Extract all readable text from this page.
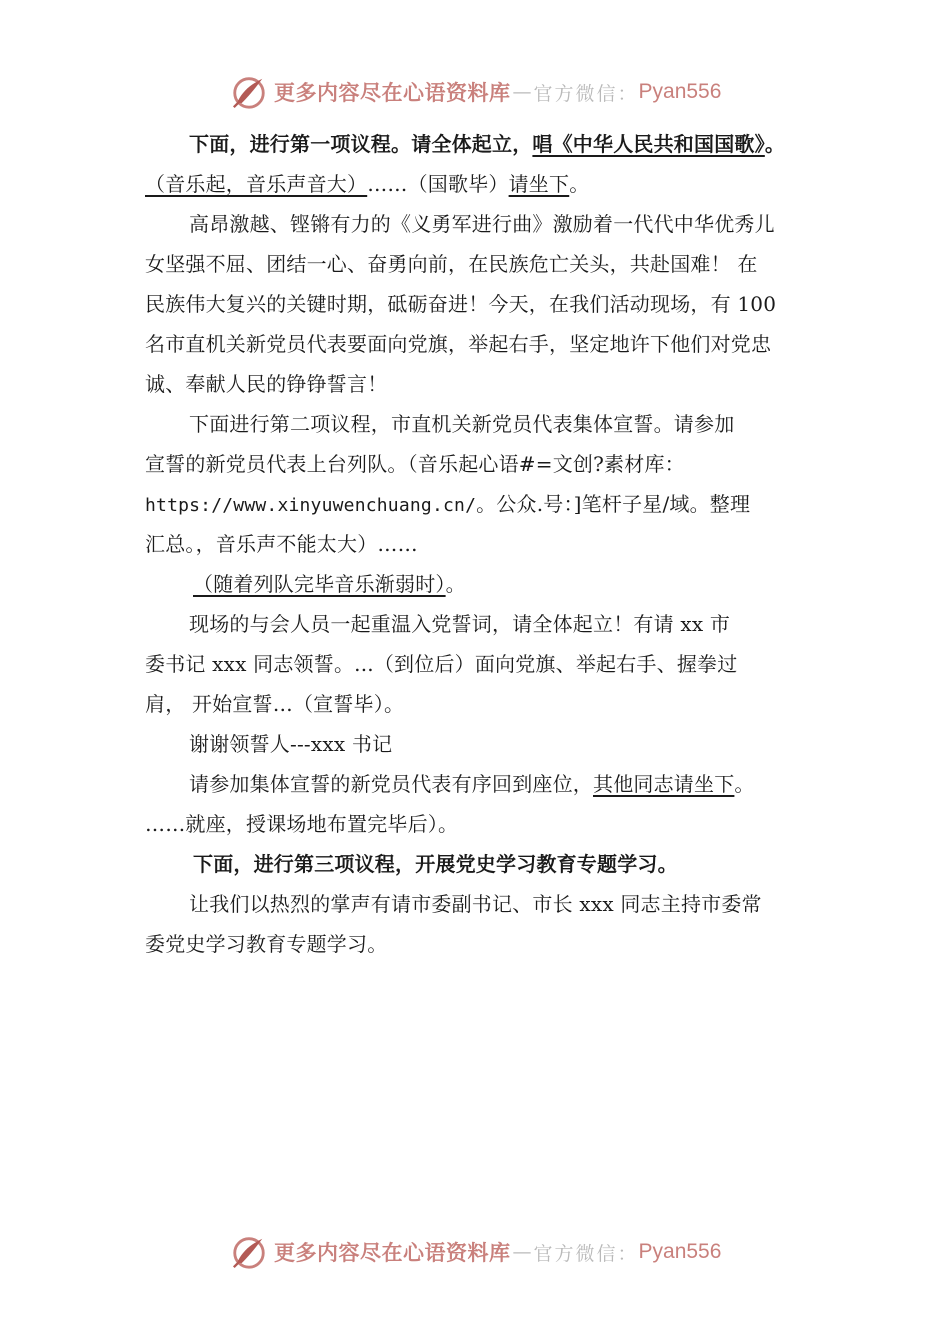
更多内容尽在心语资料库 — 官方微信： Pyan556
下面，进行第一项议程。请全体起立，唱《中华人民共和国国歌》。
（音乐起，音乐声音大）……（国歌毕）请坐下。
高昂激越、铿锵有力的《义勇军进行曲》激励着一代代中华优秀儿
女坚强不屈、团结一心、奋勇向前，在民族危亡关头，共赴国难！ 在
民族伟大复兴的关键时期，砥砺奋进！今天，在我们活动现场，有 100
名市直机关新党员代表要面向党旗，举起右手，坚定地许下他们对党忠
诚、奉献人民的铮铮誓言！
下面进行第二项议程，市直机关新党员代表集体宣誓。请参加
宣誓的新党员代表上台列队。（音乐起心语#=文创?素材库：
https://www.xinyuwenchuang.cn/。公众.号：]笔杆子星/域。整理
汇总。，音乐声不能太大）……
（随着列队完毕音乐渐弱时）。
现场的与会人员一起重温入党誓词，请全体起立！有请 xx 市
委书记 xxx 同志领誓。...（到位后）面向党旗、举起右手、握拳过
肩， 开始宣誓…（宣誓毕）。
谢谢领誓人---xxx 书记
请参加集体宣誓的新党员代表有序回到座位，其他同志请坐下。
……就座，授课场地布置完毕后）。
下面，进行第三项议程，开展党史学习教育专题学习。
让我们以热烈的掌声有请市委副书记、市长 xxx 同志主持市委常
委党史学习教育专题学习。
更多内容尽在心语资料库 — 官方微信： Pyan556
